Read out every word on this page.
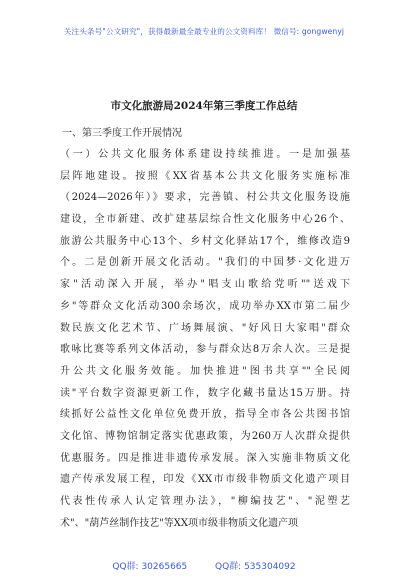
关注头条号"公文研究"，获得最新最全最专业的公文资料库！ 微信号: gongwenyj
市文化旅游局2024年第三季度工作总结
一、第三季度工作开展情况
（一）公共文化服务体系建设持续推进。一是加强基
层阵地建设。按照《XX省基本公共文化服务实施标准
（2024—2026年）》要求，完善镇、村公共文化服务设施
建设，全市新建、改扩建基层综合性文化服务中心26个、
旅游公共服务中心13个、乡村文化驿站17个，维修改造9
个。二是创新开展文化活动。"我们的中国梦·文化进万
家"活动深入开展，举办"唱支山歌给党听""送戏下
乡"等群众文化活动300余场次，成功举办XX市第二届少
数民族文化艺术节、广场舞展演、"好风日大家唱"群众
歌咏比赛等系列文体活动，参与群众达8万余人次。三是提
升公共文化服务效能。加快推进"图书共享""全民阅
读"平台数字资源更新工作，数字化藏书量达15万册。持
续抓好公益性文化单位免费开放，指导全市各公共图书馆
文化馆、博物馆制定落实优惠政策，为260万人次群众提供
优惠服务。四是推进非遗传承发展。深入实施非物质文化
遗产传承发展工程，印发《XX市市级非物质文化遗产项目
代表性传承人认定管理办法》，"柳编技艺"、"泥塑艺
术"、"葫芦丝制作技艺"等XX项市级非物质文化遗产项
QQ群: 30265665	QQ群: 535304092
